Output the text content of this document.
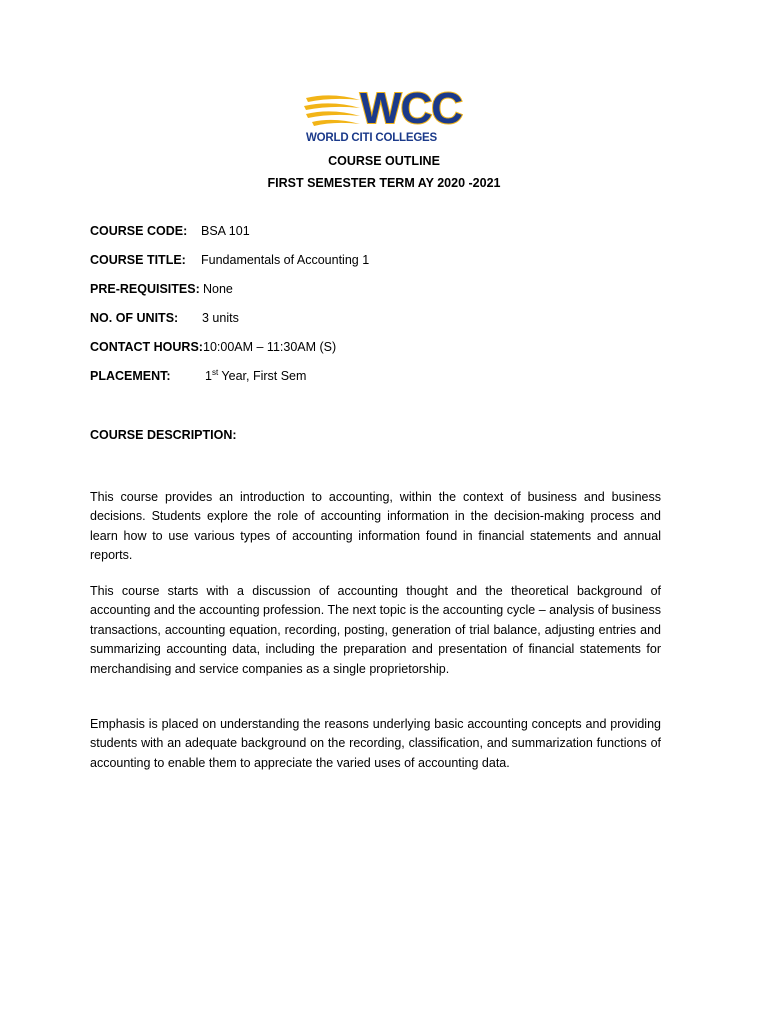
WCC
WORLD CITI COLLEGES
COURSE OUTLINE
FIRST SEMESTER TERM AY 2020 -2021
COURSE CODE: BSA 101
COURSE TITLE: Fundamentals of Accounting 1
PRE-REQUISITES: None
NO. OF UNITS: 3 units
CONTACT HOURS: 10:00AM – 11:30AM (S)
PLACEMENT:	1st Year, First Sem
COURSE DESCRIPTION:

This course provides an introduction to accounting, within the context of business and business decisions. Students explore the role of accounting information in the decision-making process and learn how to use various types of accounting information found in financial statements and annual reports.

This course starts with a discussion of accounting thought and the theoretical background of accounting and the accounting profession. The next topic is the accounting cycle – analysis of business transactions, accounting equation, recording, posting, generation of trial balance, adjusting entries and summarizing accounting data, including the preparation and presentation of financial statements for merchandising and service companies as a single proprietorship.

Emphasis is placed on understanding the reasons underlying basic accounting concepts and providing students with an adequate background on the recording, classification, and summarization functions of accounting to enable them to appreciate the varied uses of accounting data.
